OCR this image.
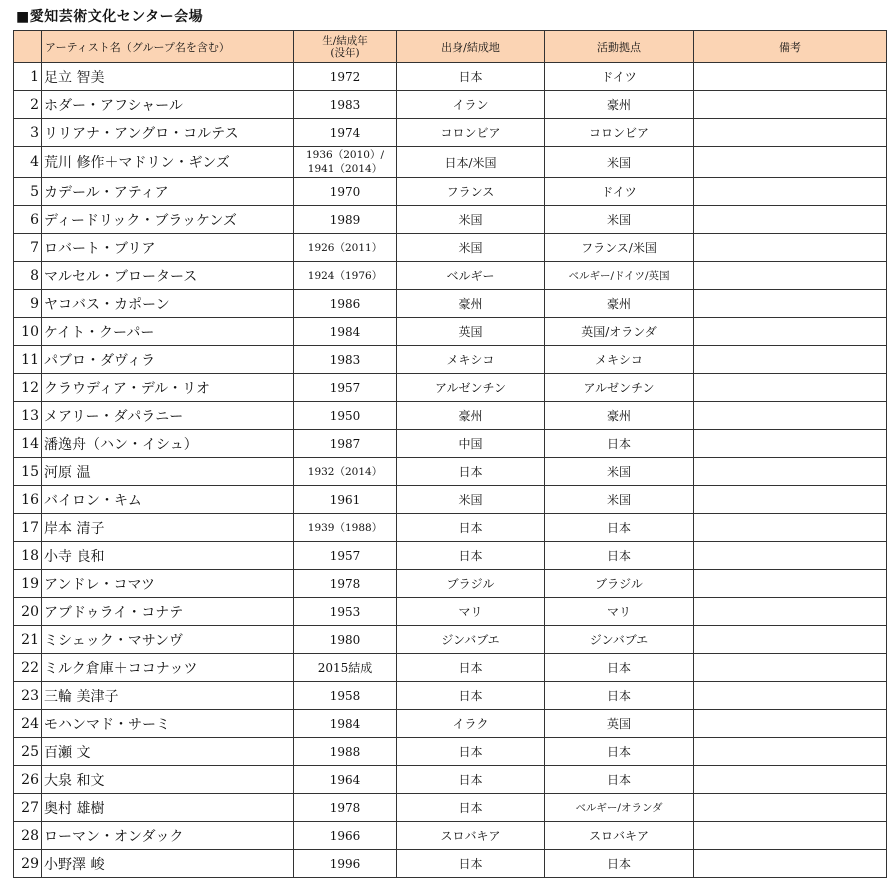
■愛知芸術文化センター会場
	アーティスト名（グループ名を含む）	生/結成年
(没年)	出身/結成地	活動拠点	備考
1	足立 智美	1972	日本	ドイツ	
2	ホダー・アフシャール	1983	イラン	豪州	
3	リリアナ・アングロ・コルテス	1974	コロンビア	コロンビア	
4	荒川 修作＋マドリン・ギンズ	1936（2010）/
1941（2014）	日本/米国	米国	
5	カデール・アティア	1970	フランス	ドイツ	
6	ディードリック・ブラッケンズ	1989	米国	米国	
7	ロバート・ブリア	1926（2011）	米国	フランス/米国	
8	マルセル・ブロータース	1924（1976）	ベルギー	ベルギー/ドイツ/英国	
9	ヤコバス・カポーン	1986	豪州	豪州	
10	ケイト・クーパー	1984	英国	英国/オランダ	
11	パブロ・ダヴィラ	1983	メキシコ	メキシコ	
12	クラウディア・デル・リオ	1957	アルゼンチン	アルゼンチン	
13	メアリー・ダパラニー	1950	豪州	豪州	
14	潘逸舟（ハン・イシュ）	1987	中国	日本	
15	河原 温	1932（2014）	日本	米国	
16	バイロン・キム	1961	米国	米国	
17	岸本 清子	1939（1988）	日本	日本	
18	小寺 良和	1957	日本	日本	
19	アンドレ・コマツ	1978	ブラジル	ブラジル	
20	アブドゥライ・コナテ	1953	マリ	マリ	
21	ミシェック・マサンヴ	1980	ジンバブエ	ジンバブエ	
22	ミルク倉庫＋ココナッツ	2015結成	日本	日本	
23	三輪 美津子	1958	日本	日本	
24	モハンマド・サーミ	1984	イラク	英国	
25	百瀬 文	1988	日本	日本	
26	大泉 和文	1964	日本	日本	
27	奥村 雄樹	1978	日本	ベルギー/オランダ	
28	ローマン・オンダック	1966	スロバキア	スロバキア	
29	小野澤 峻	1996	日本	日本	
